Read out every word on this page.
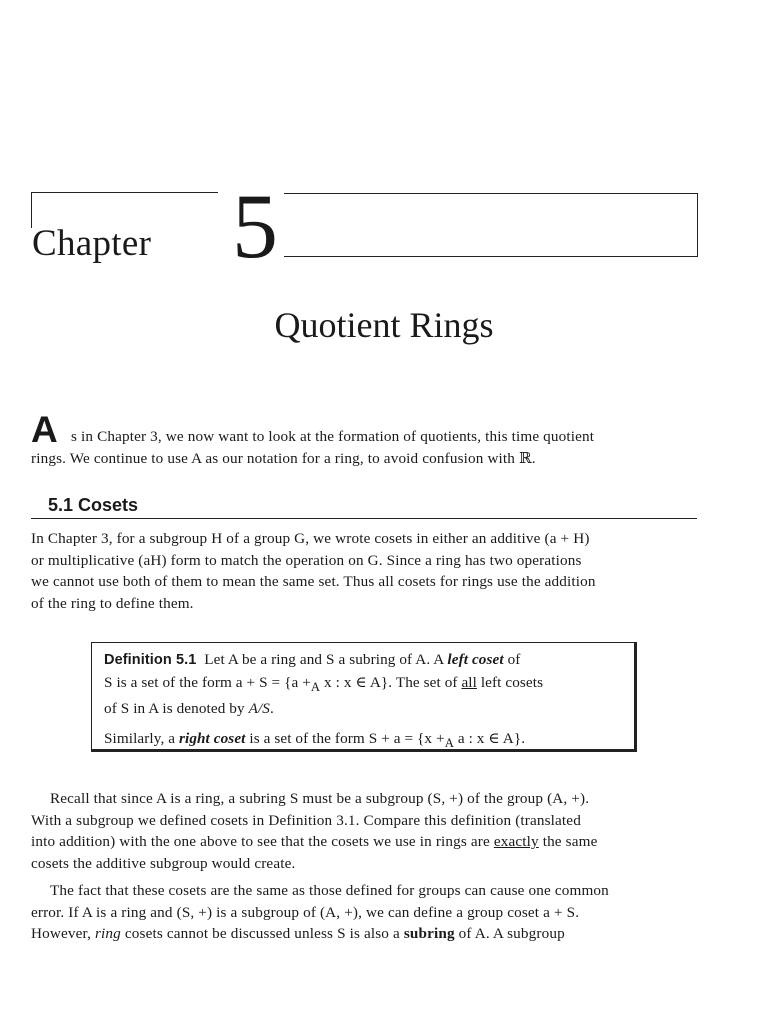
Chapter 5
Quotient Rings
A s in Chapter 3, we now want to look at the formation of quotients, this time quotient
rings. We continue to use A as our notation for a ring, to avoid confusion with ℝ.
5.1 Cosets
In Chapter 3, for a subgroup H of a group G, we wrote cosets in either an additive (a + H)
or multiplicative (aH) form to match the operation on G. Since a ring has two operations
we cannot use both of them to mean the same set. Thus all cosets for rings use the addition
of the ring to define them.
Definition 5.1 Let A be a ring and S a subring of A. A left coset of
S is a set of the form $a + S = \{a +_A$ x : x ∈ A}. The set of all left cosets
of S in A is denoted by A/S.
Similarly, a right coset is a set of the form $S + a = \{x +_A$ a : x ∈ A}.
Recall that since A is a ring, a subring S must be a subgroup (S, +) of the group (A, +).
With a subgroup we defined cosets in Definition 3.1. Compare this definition (translated
into addition) with the one above to see that the cosets we use in rings are exactly the same
cosets the additive subgroup would create.
The fact that these cosets are the same as those defined for groups can cause one common
error. If A is a ring and (S, +) is a subgroup of (A, +), we can define a group coset a + S.
However, ring cosets cannot be discussed unless S is also a subring of A. A subgroup
